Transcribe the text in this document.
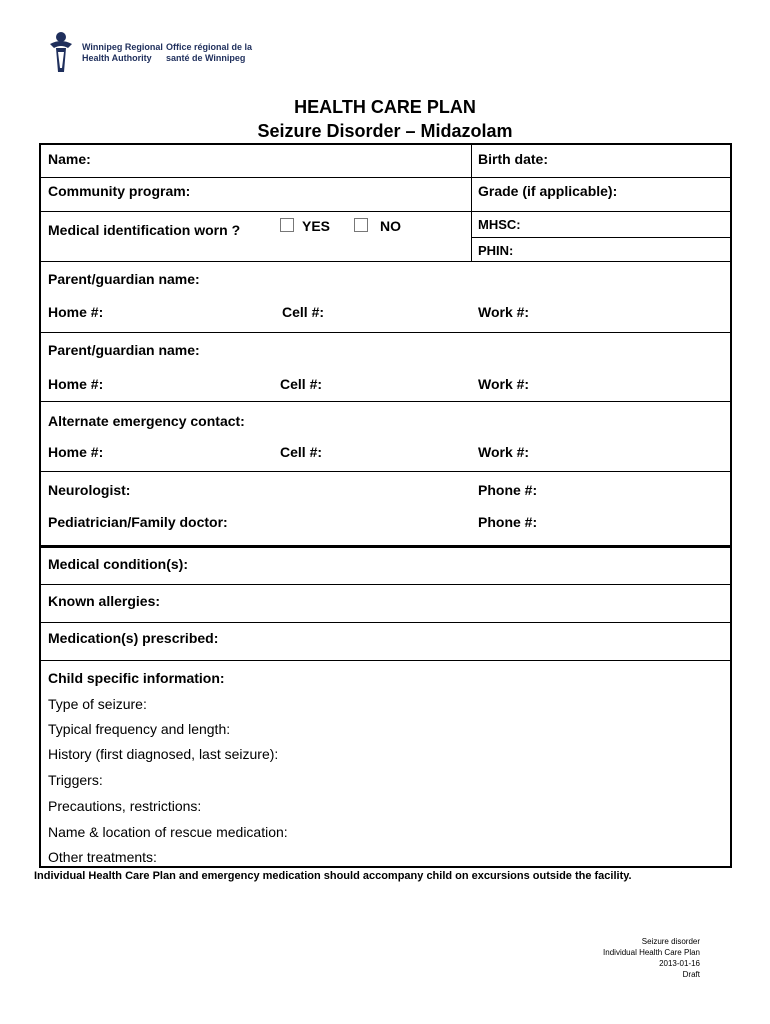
Winnipeg Regional
Health Authority
Office régional de la
santé de Winnipeg
HEALTH CARE PLAN
Seizure Disorder – Midazolam
Name:	Birth date:
Community program:	Grade (if applicable):
Medical identification worn ?	YES	NO	MHSC:
PHIN:
Parent/guardian name:
Home #:	Cell #:	Work #:
Parent/guardian name:
Home #:	Cell #:	Work #:
Alternate emergency contact:
Home #:	Cell #:	Work #:
Neurologist:	Phone #:
Pediatrician/Family doctor:	Phone #:
Medical condition(s):
Known allergies:
Medication(s) prescribed:
Child specific information:
Type of seizure:
Typical frequency and length:
History (first diagnosed, last seizure):
Triggers:
Precautions, restrictions:
Name & location of rescue medication:
Other treatments:
Individual Health Care Plan and emergency medication should accompany child on excursions outside the facility.
Seizure disorder
Individual Health Care Plan
2013-01-16
Draft
